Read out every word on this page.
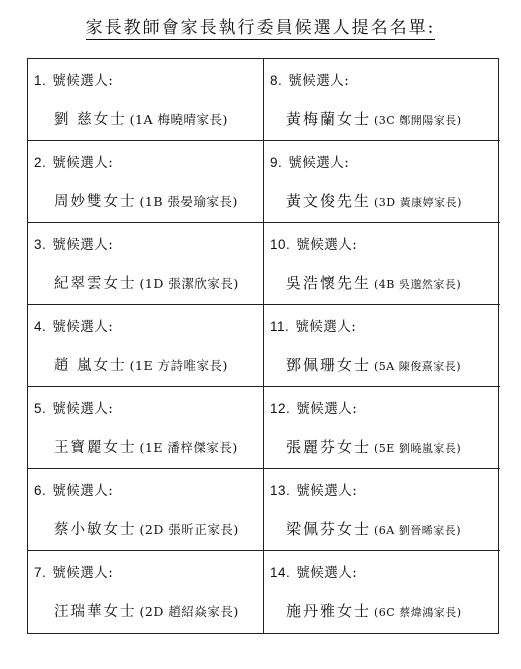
家長教師會家長執行委員候選人提名名單:
1. 號候選人:
劉 慈女士 (1A 梅曉晴家長)
8. 號候選人:
黃梅蘭女士 (3C 鄭開陽家長)
2. 號候選人:
周妙雙女士 (1B 張晏瑜家長)
9. 號候選人:
黃文俊先生 (3D 黃康婷家長)
3. 號候選人:
紀翠雲女士 (1D 張潔欣家長)
10. 號候選人:
吳浩懷先生 (4B 吳邈然家長)
4. 號候選人:
趙 嵐女士 (1E 方詩唯家長)
11. 號候選人:
鄧佩珊女士 (5A 陳俊熹家長)
5. 號候選人:
王寶麗女士 (1E 潘梓傑家長)
12. 號候選人:
張麗芬女士 (5E 劉曉嵐家長)
6. 號候選人:
蔡小敏女士 (2D 張昕正家長)
13. 號候選人:
梁佩芬女士 (6A 劉晉晞家長)
7. 號候選人:
汪瑞華女士 (2D 趙紹焱家長)
14. 號候選人:
施丹雅女士 (6C 蔡煒鴻家長)
